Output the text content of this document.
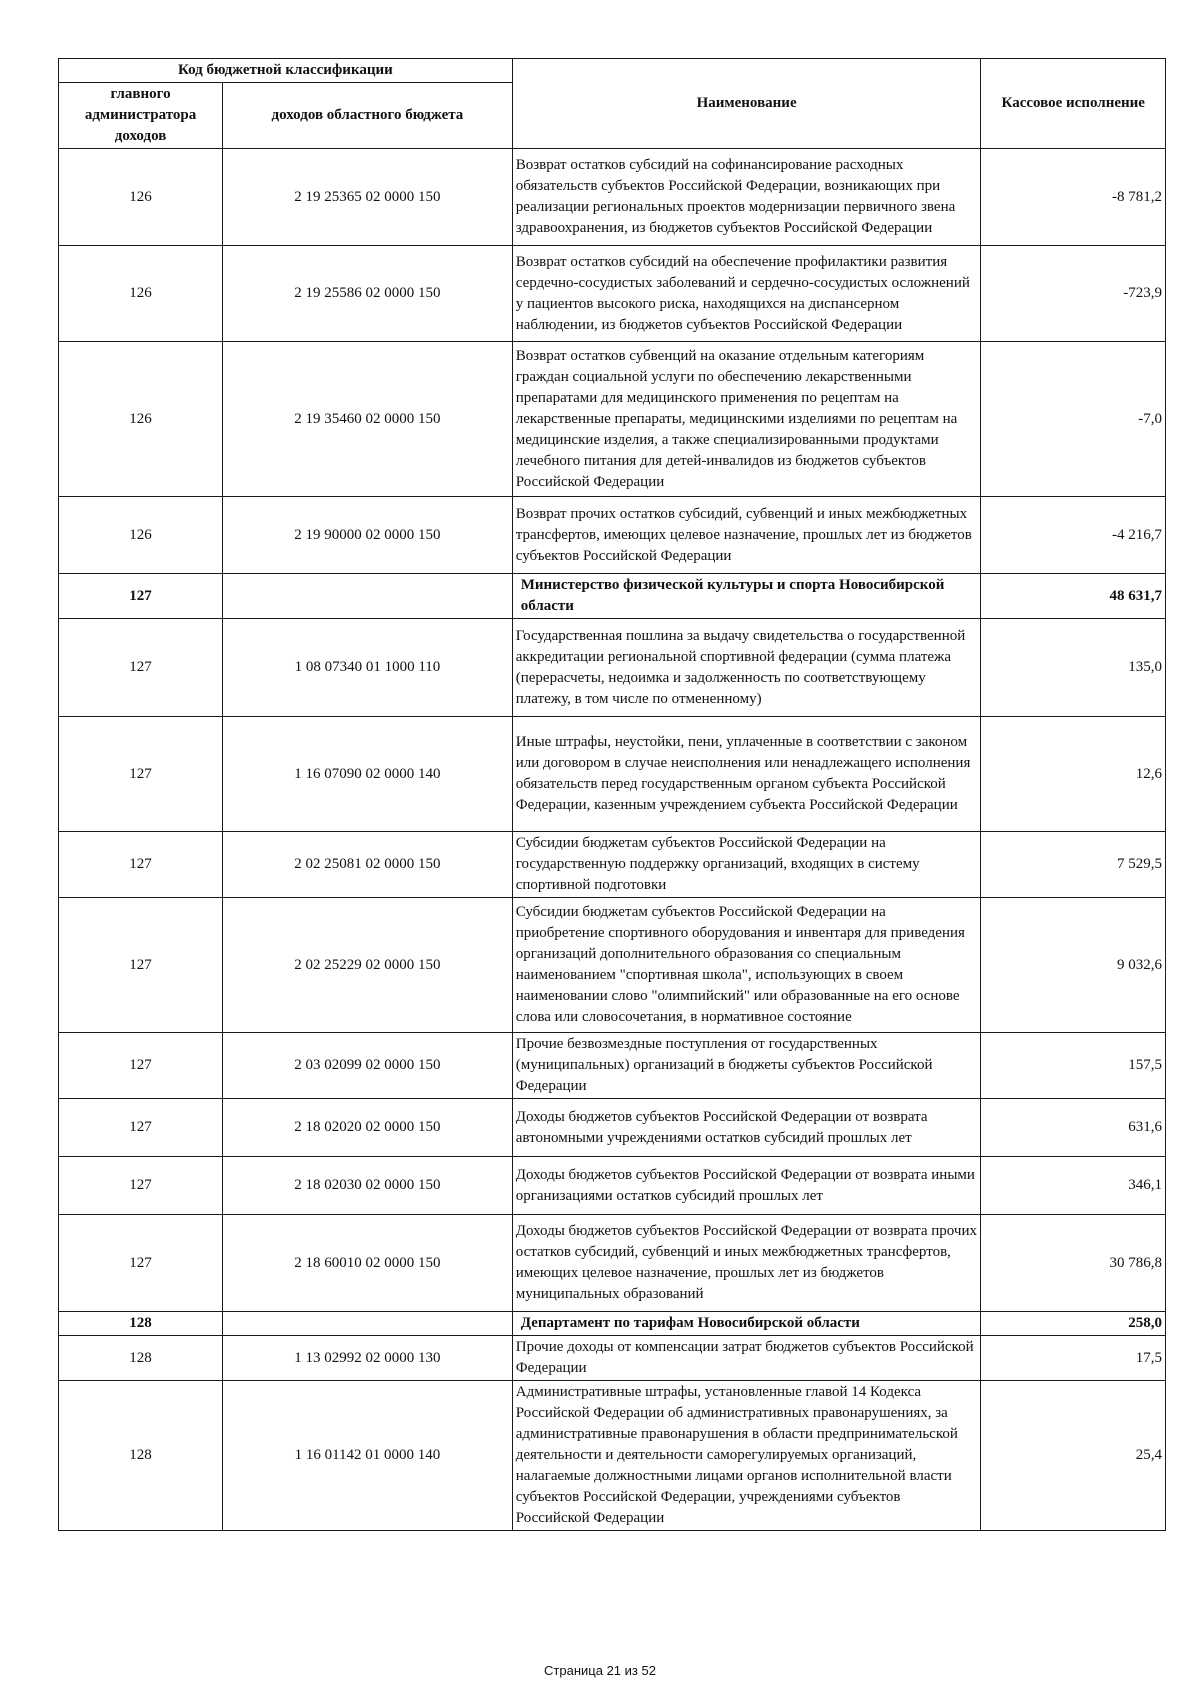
Код бюджетной классификации		Наименование	Кассовое исполнение
главного администратора доходов	доходов областного бюджета		
126	2 19 25365 02 0000 150	Возврат остатков субсидий на софинансирование расходных обязательств субъектов Российской Федерации, возникающих при реализации региональных проектов модернизации первичного звена здравоохранения, из бюджетов субъектов Российской Федерации	-8 781,2
126	2 19 25586 02 0000 150	Возврат остатков субсидий на обеспечение профилактики развития сердечно-сосудистых заболеваний и сердечно-сосудистых осложнений у пациентов высокого риска, находящихся на диспансерном наблюдении, из бюджетов субъектов Российской Федерации	-723,9
126	2 19 35460 02 0000 150	Возврат остатков субвенций на оказание отдельным категориям граждан социальной услуги по обеспечению лекарственными препаратами для медицинского применения по рецептам на лекарственные препараты, медицинскими изделиями по рецептам на медицинские изделия, а также специализированными продуктами лечебного питания для детей-инвалидов из бюджетов субъектов Российской Федерации	-7,0
126	2 19 90000 02 0000 150	Возврат прочих остатков субсидий, субвенций и иных межбюджетных трансфертов, имеющих целевое назначение, прошлых лет из бюджетов субъектов Российской Федерации	-4 216,7
127		Министерство физической культуры и спорта Новосибирской области	48 631,7
127	1 08 07340 01 1000 110	Государственная пошлина за выдачу свидетельства о государственной аккредитации региональной спортивной федерации (сумма платежа (перерасчеты, недоимка и задолженность по соответствующему платежу, в том числе по отмененному)	135,0
127	1 16 07090 02 0000 140	Иные штрафы, неустойки, пени, уплаченные в соответствии с законом или договором в случае неисполнения или ненадлежащего исполнения обязательств перед государственным органом субъекта Российской Федерации, казенным учреждением субъекта Российской Федерации	12,6
127	2 02 25081 02 0000 150	Субсидии бюджетам субъектов Российской Федерации на государственную поддержку организаций, входящих в систему спортивной подготовки	7 529,5
127	2 02 25229 02 0000 150	Субсидии бюджетам субъектов Российской Федерации на приобретение спортивного оборудования и инвентаря для приведения организаций дополнительного образования со специальным наименованием "спортивная школа", использующих в своем наименовании слово "олимпийский" или образованные на его основе слова или словосочетания, в нормативное состояние	9 032,6
127	2 03 02099 02 0000 150	Прочие безвозмездные поступления от государственных (муниципальных) организаций в бюджеты субъектов Российской Федерации	157,5
127	2 18 02020 02 0000 150	Доходы бюджетов субъектов Российской Федерации от возврата автономными учреждениями остатков субсидий прошлых лет	631,6
127	2 18 02030 02 0000 150	Доходы бюджетов субъектов Российской Федерации от возврата иными организациями остатков субсидий прошлых лет	346,1
127	2 18 60010 02 0000 150	Доходы бюджетов субъектов Российской Федерации от возврата прочих остатков субсидий, субвенций и иных межбюджетных трансфертов, имеющих целевое назначение, прошлых лет из бюджетов муниципальных образований	30 786,8
128		Департамент по тарифам Новосибирской области	258,0
128	1 13 02992 02 0000 130	Прочие доходы от компенсации затрат бюджетов субъектов Российской Федерации	17,5
128	1 16 01142 01 0000 140	Административные штрафы, установленные главой 14 Кодекса Российской Федерации об административных правонарушениях, за административные правонарушения в области предпринимательской деятельности и деятельности саморегулируемых организаций, налагаемые должностными лицами органов исполнительной власти субъектов Российской Федерации, учреждениями субъектов Российской Федерации	25,4
Страница 21 из 52
